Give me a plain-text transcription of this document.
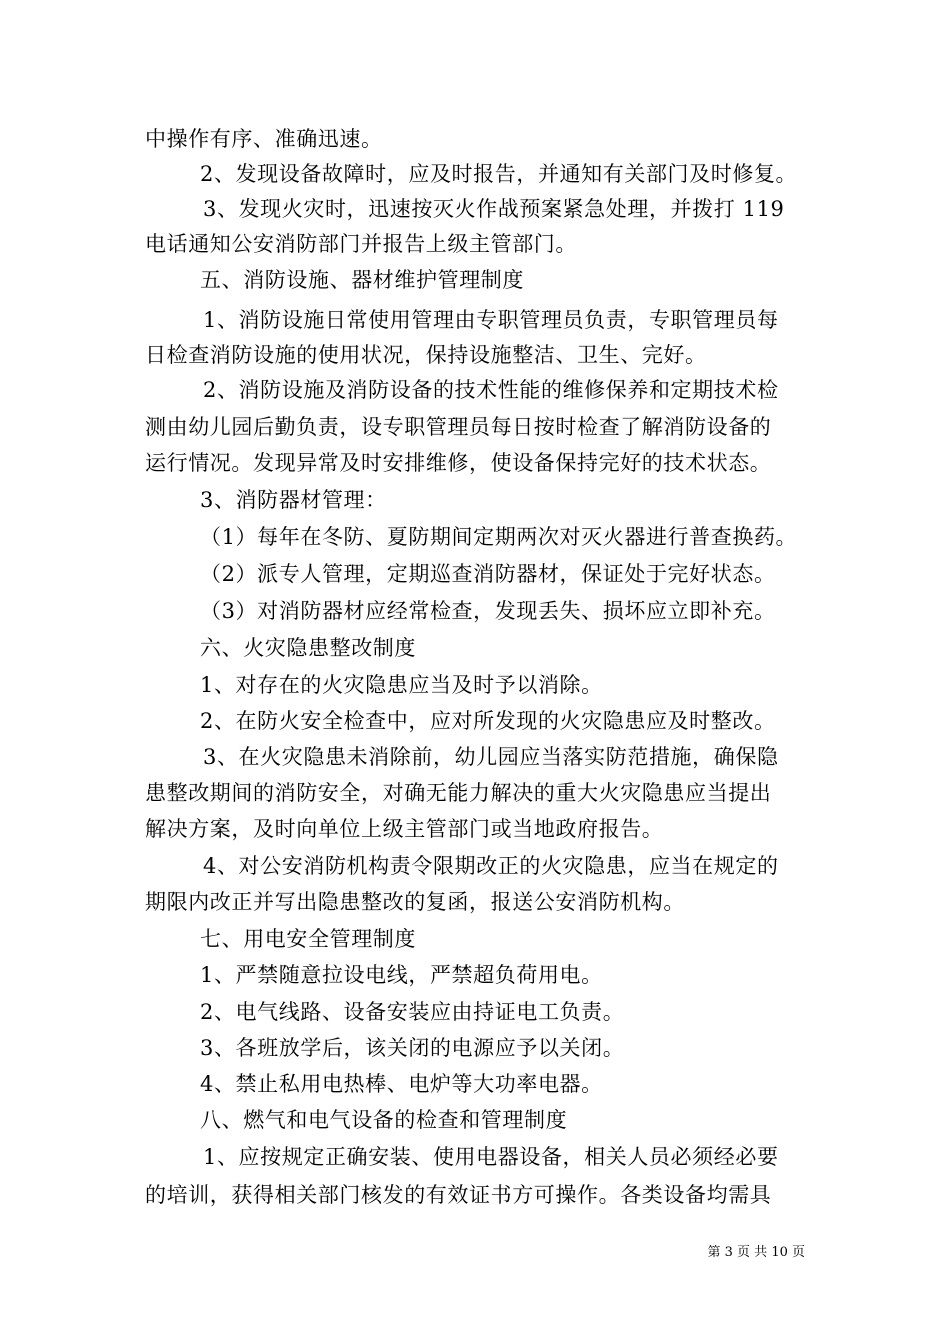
中操作有序、准确迅速。
2、发现设备故障时，应及时报告，并通知有关部门及时修复。
3、发现火灾时，迅速按灭火作战预案紧急处理，并拨打 119
电话通知公安消防部门并报告上级主管部门。
五、消防设施、器材维护管理制度
1、消防设施日常使用管理由专职管理员负责，专职管理员每
日检查消防设施的使用状况，保持设施整洁、卫生、完好。
2、消防设施及消防设备的技术性能的维修保养和定期技术检
测由幼儿园后勤负责，设专职管理员每日按时检查了解消防设备的
运行情况。发现异常及时安排维修，使设备保持完好的技术状态。
3、消防器材管理：
（1）每年在冬防、夏防期间定期两次对灭火器进行普查换药。
（2）派专人管理，定期巡查消防器材，保证处于完好状态。
（3）对消防器材应经常检查，发现丢失、损坏应立即补充。
六、火灾隐患整改制度
1、对存在的火灾隐患应当及时予以消除。
2、在防火安全检查中，应对所发现的火灾隐患应及时整改。
3、在火灾隐患未消除前，幼儿园应当落实防范措施，确保隐
患整改期间的消防安全，对确无能力解决的重大火灾隐患应当提出
解决方案，及时向单位上级主管部门或当地政府报告。
4、对公安消防机构责令限期改正的火灾隐患，应当在规定的
期限内改正并写出隐患整改的复函，报送公安消防机构。
七、用电安全管理制度
1、严禁随意拉设电线，严禁超负荷用电。
2、电气线路、设备安装应由持证电工负责。
3、各班放学后，该关闭的电源应予以关闭。
4、禁止私用电热棒、电炉等大功率电器。
八、燃气和电气设备的检查和管理制度
1、应按规定正确安装、使用电器设备，相关人员必须经必要
的培训，获得相关部门核发的有效证书方可操作。各类设备均需具
第 3 页 共 10 页
